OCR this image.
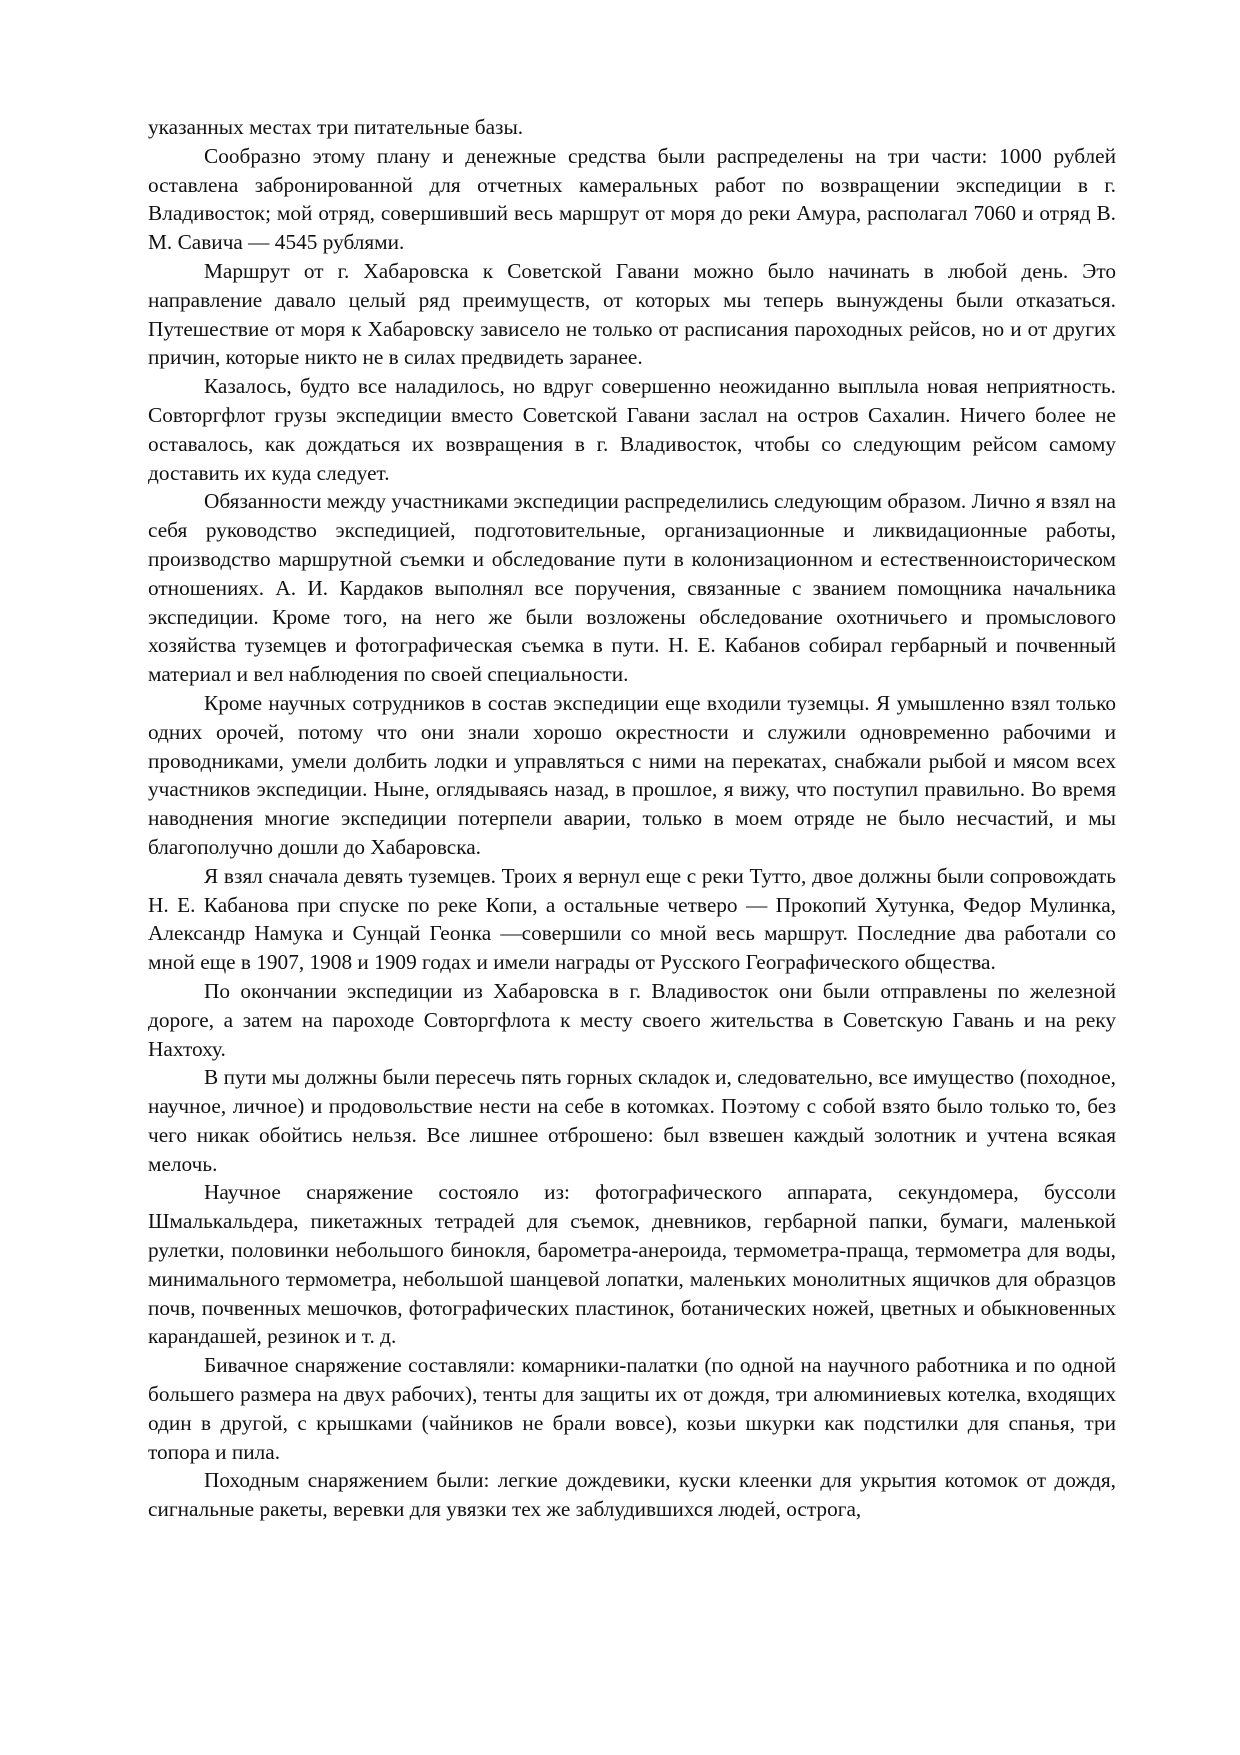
указанных местах три питательные базы.

Сообразно этому плану и денежные средства были распределены на три части: 1000 рублей оставлена забронированной для отчетных камеральных работ по возвращении экспедиции в г. Владивосток; мой отряд, совершивший весь маршрут от моря до реки Амура, располагал 7060 и отряд В. М. Савича — 4545 рублями.

Маршрут от г. Хабаровска к Советской Гавани можно было начинать в любой день. Это направление давало целый ряд преимуществ, от которых мы теперь вынуждены были отказаться. Путешествие от моря к Хабаровску зависело не только от расписания пароходных рейсов, но и от других причин, которые никто не в силах предвидеть заранее.

Казалось, будто все наладилось, но вдруг совершенно неожиданно выплыла новая неприятность. Совторгфлот грузы экспедиции вместо Советской Гавани заслал на остров Сахалин. Ничего более не оставалось, как дождаться их возвращения в г. Владивосток, чтобы со следующим рейсом самому доставить их куда следует.

Обязанности между участниками экспедиции распределились следующим образом. Лично я взял на себя руководство экспедицией, подготовительные, организационные и ликвидационные работы, производство маршрутной съемки и обследование пути в колонизационном и естественноисторическом отношениях. А. И. Кардаков выполнял все поручения, связанные с званием помощника начальника экспедиции. Кроме того, на него же были возложены обследование охотничьего и промыслового хозяйства туземцев и фотографическая съемка в пути. Н. Е. Кабанов собирал гербарный и почвенный материал и вел наблюдения по своей специальности.

Кроме научных сотрудников в состав экспедиции еще входили туземцы. Я умышленно взял только одних орочей, потому что они знали хорошо окрестности и служили одновременно рабочими и проводниками, умели долбить лодки и управляться с ними на перекатах, снабжали рыбой и мясом всех участников экспедиции. Ныне, оглядываясь назад, в прошлое, я вижу, что поступил правильно. Во время наводнения многие экспедиции потерпели аварии, только в моем отряде не было несчастий, и мы благополучно дошли до Хабаровска.

Я взял сначала девять туземцев. Троих я вернул еще с реки Тутто, двое должны были сопровождать Н. Е. Кабанова при спуске по реке Копи, а остальные четверо — Прокопий Хутунка, Федор Мулинка, Александр Намука и Сунцай Геонка —совершили со мной весь маршрут. Последние два работали со мной еще в 1907, 1908 и 1909 годах и имели награды от Русского Географического общества.

По окончании экспедиции из Хабаровска в г. Владивосток они были отправлены по железной дороге, а затем на пароходе Совторгфлота к месту своего жительства в Советскую Гавань и на реку Нахтоху.

В пути мы должны были пересечь пять горных складок и, следовательно, все имущество (походное, научное, личное) и продовольствие нести на себе в котомках. Поэтому с собой взято было только то, без чего никак обойтись нельзя. Все лишнее отброшено: был взвешен каждый золотник и учтена всякая мелочь.

Научное снаряжение состояло из: фотографического аппарата, секундомера, буссоли Шмалькальдера, пикетажных тетрадей для съемок, дневников, гербарной папки, бумаги, маленькой рулетки, половинки небольшого бинокля, барометра-анероида, термометра-праща, термометра для воды, минимального термометра, небольшой шанцевой лопатки, маленьких монолитных ящичков для образцов почв, почвенных мешочков, фотографических пластинок, ботанических ножей, цветных и обыкновенных карандашей, резинок и т. д.

Бивачное снаряжение составляли: комарники-палатки (по одной на научного работника и по одной большего размера на двух рабочих), тенты для защиты их от дождя, три алюминиевых котелка, входящих один в другой, с крышками (чайников не брали вовсе), козьи шкурки как подстилки для спанья, три топора и пила.

Походным снаряжением были: легкие дождевики, куски клеенки для укрытия котомок от дождя, сигнальные ракеты, веревки для увязки тех же заблудившихся людей, острога,
